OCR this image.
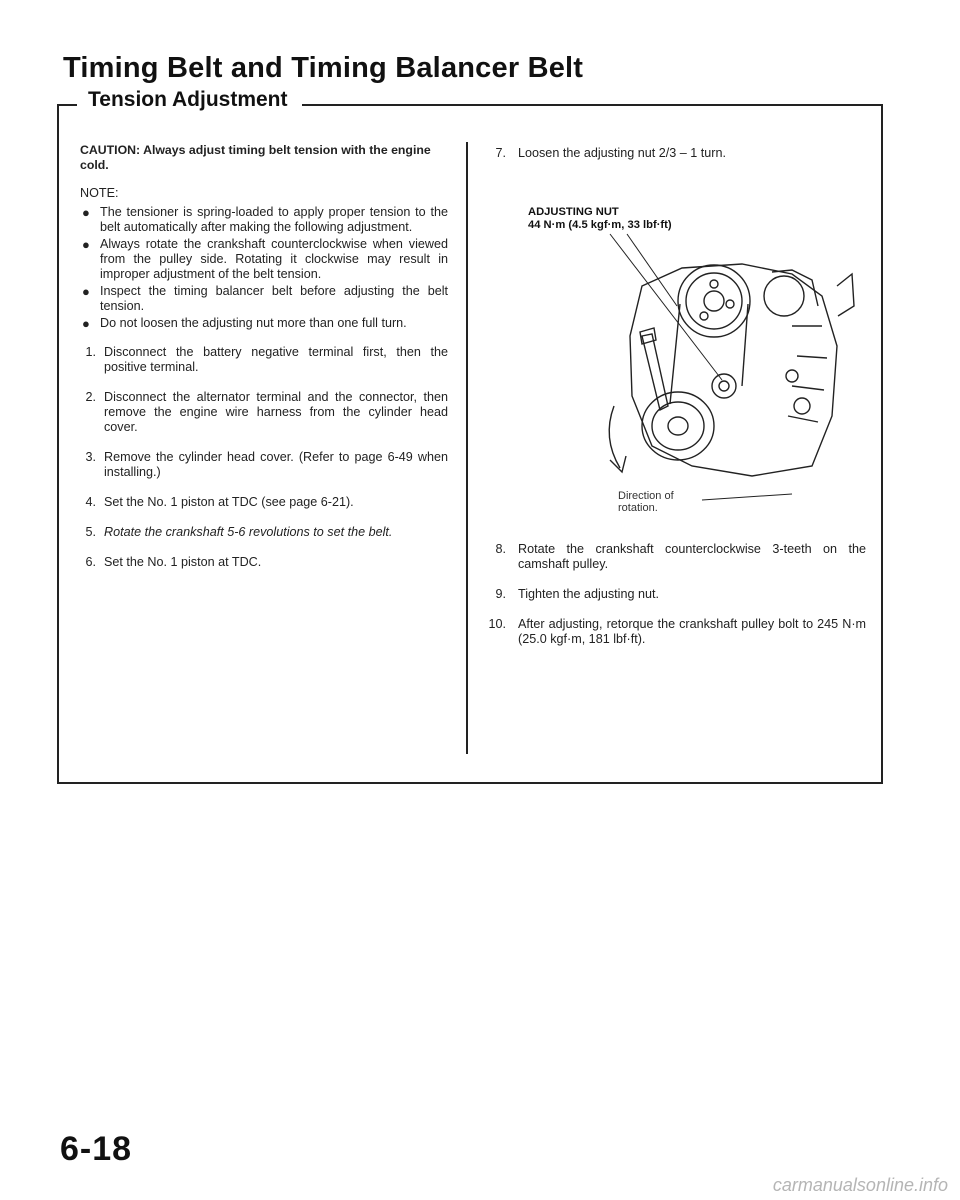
Timing Belt and Timing Balancer Belt
Tension Adjustment

CAUTION: Always adjust timing belt tension with the engine cold.

NOTE:

● The tensioner is spring-loaded to apply proper tension to the belt automatically after making the following adjustment.
● Always rotate the crankshaft counterclockwise when viewed from the pulley side. Rotating it clockwise may result in improper adjustment of the belt tension.
● Inspect the timing balancer belt before adjusting the belt tension.
● Do not loosen the adjusting nut more than one full turn.
1. Disconnect the battery negative terminal first, then the positive terminal.
2. Disconnect the alternator terminal and the connector, then remove the engine wire harness from the cylinder head cover.
3. Remove the cylinder head cover. (Refer to page 6-49 when installing.)
4. Set the No. 1 piston at TDC (see page 6-21).
5. Rotate the crankshaft 5-6 revolutions to set the belt.
6. Set the No. 1 piston at TDC.
7. Loosen the adjusting nut 2/3 – 1 turn.
ADJUSTING NUT
44 N·m (4.5 kgf·m, 33 lbf·ft)
Direction of
rotation.
8. Rotate the crankshaft counterclockwise 3-teeth on the camshaft pulley.
9. Tighten the adjusting nut.
10. After adjusting, retorque the crankshaft pulley bolt to 245 N·m (25.0 kgf·m, 181 lbf·ft).
6-18
carmanualsonline.info
